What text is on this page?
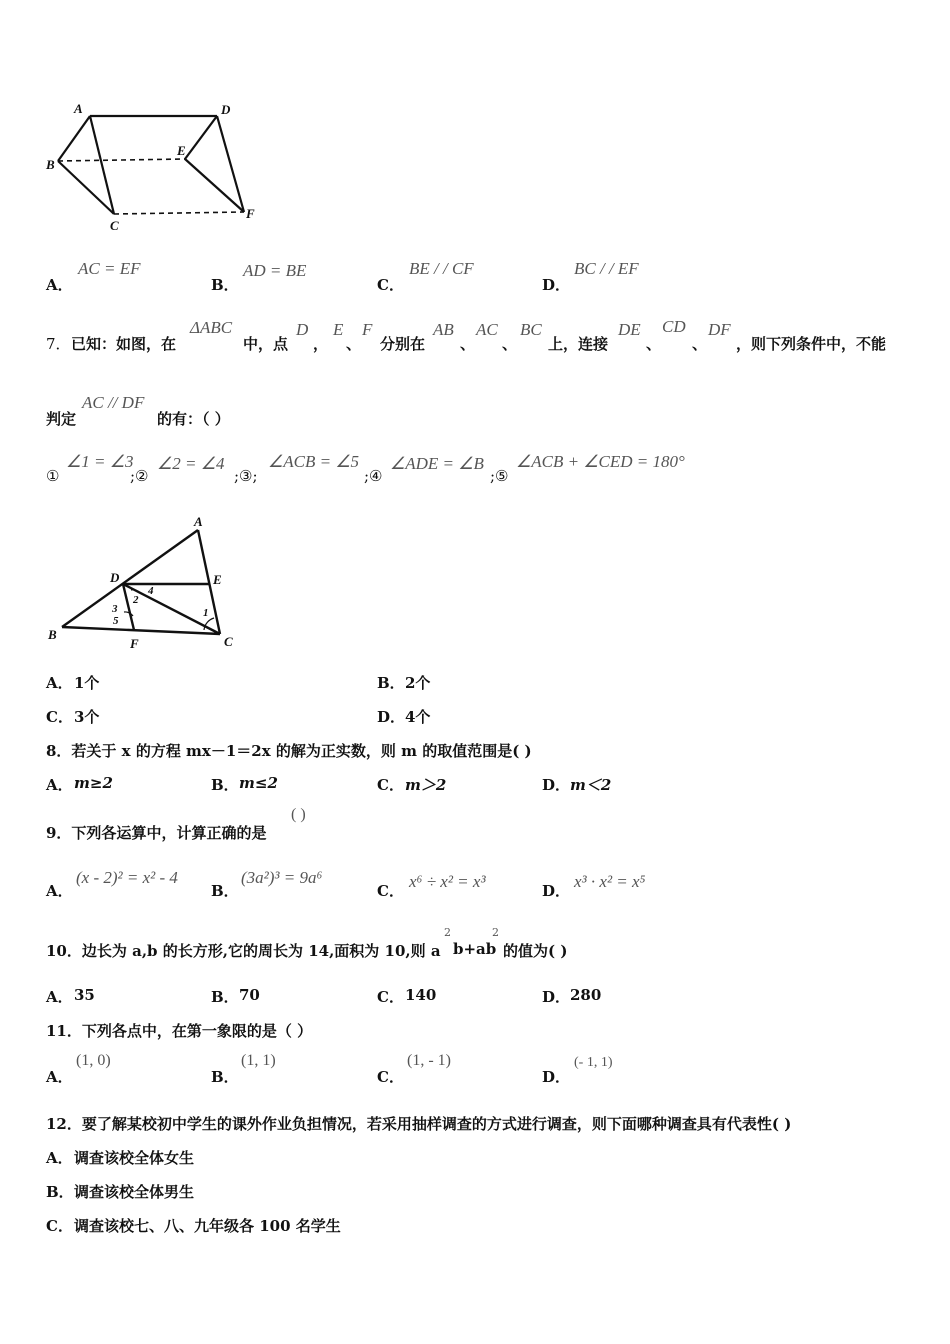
A	D
B
E
C
F
A．
AC = EF
B．
AD = BE
C．
BE / / CF
D．
BC / / EF
7． 已知：如图，在
ΔABC
中，点
D
，
E
、
F
分别在
AB
、
AC
、
BC
上，连接
DE
、
CD
、
DF
，则下列条件中，不能
判定
AC // DF
的有：（ ）
①
∠1 = ∠3
;②
∠2 = ∠4
;③;
∠ACB = ∠5
;④
∠ADE = ∠B
;⑤
∠ACB + ∠CED = 180°
A
D	E
B
F	C
1
2
3
4
5
A． 1个	B． 2个
C． 3个	D． 4个
8．若关于 x 的方程 mx－1＝2x 的解为正实数，则 m 的取值范围是( )
A． m≥2	B． m≤2	C． m＞2	D． m＜2
9．下列各运算中，计算正确的是
( )
A．
(x - 2)² = x² - 4
B．
(3a²)³ = 9a⁶
C． x⁶ ÷ x² = x³	D． x³ · x² = x⁵
10．边长为 a,b 的长方形,它的周长为 14,面积为 10,则 a
2
b+ab
2
的值为( )
A． 35	B． 70	C． 140	D． 280
11．下列各点中，在第一象限的是（ ）
A．
(1, 0)
B．
(1, 1)
C．
(1, - 1)
D．
(- 1, 1)
12．要了解某校初中学生的课外作业负担情况，若采用抽样调查的方式进行调查，则下面哪种调查具有代表性( )
A． 调查该校全体女生
B． 调查该校全体男生
C． 调查该校七、八、九年级各 100 名学生
